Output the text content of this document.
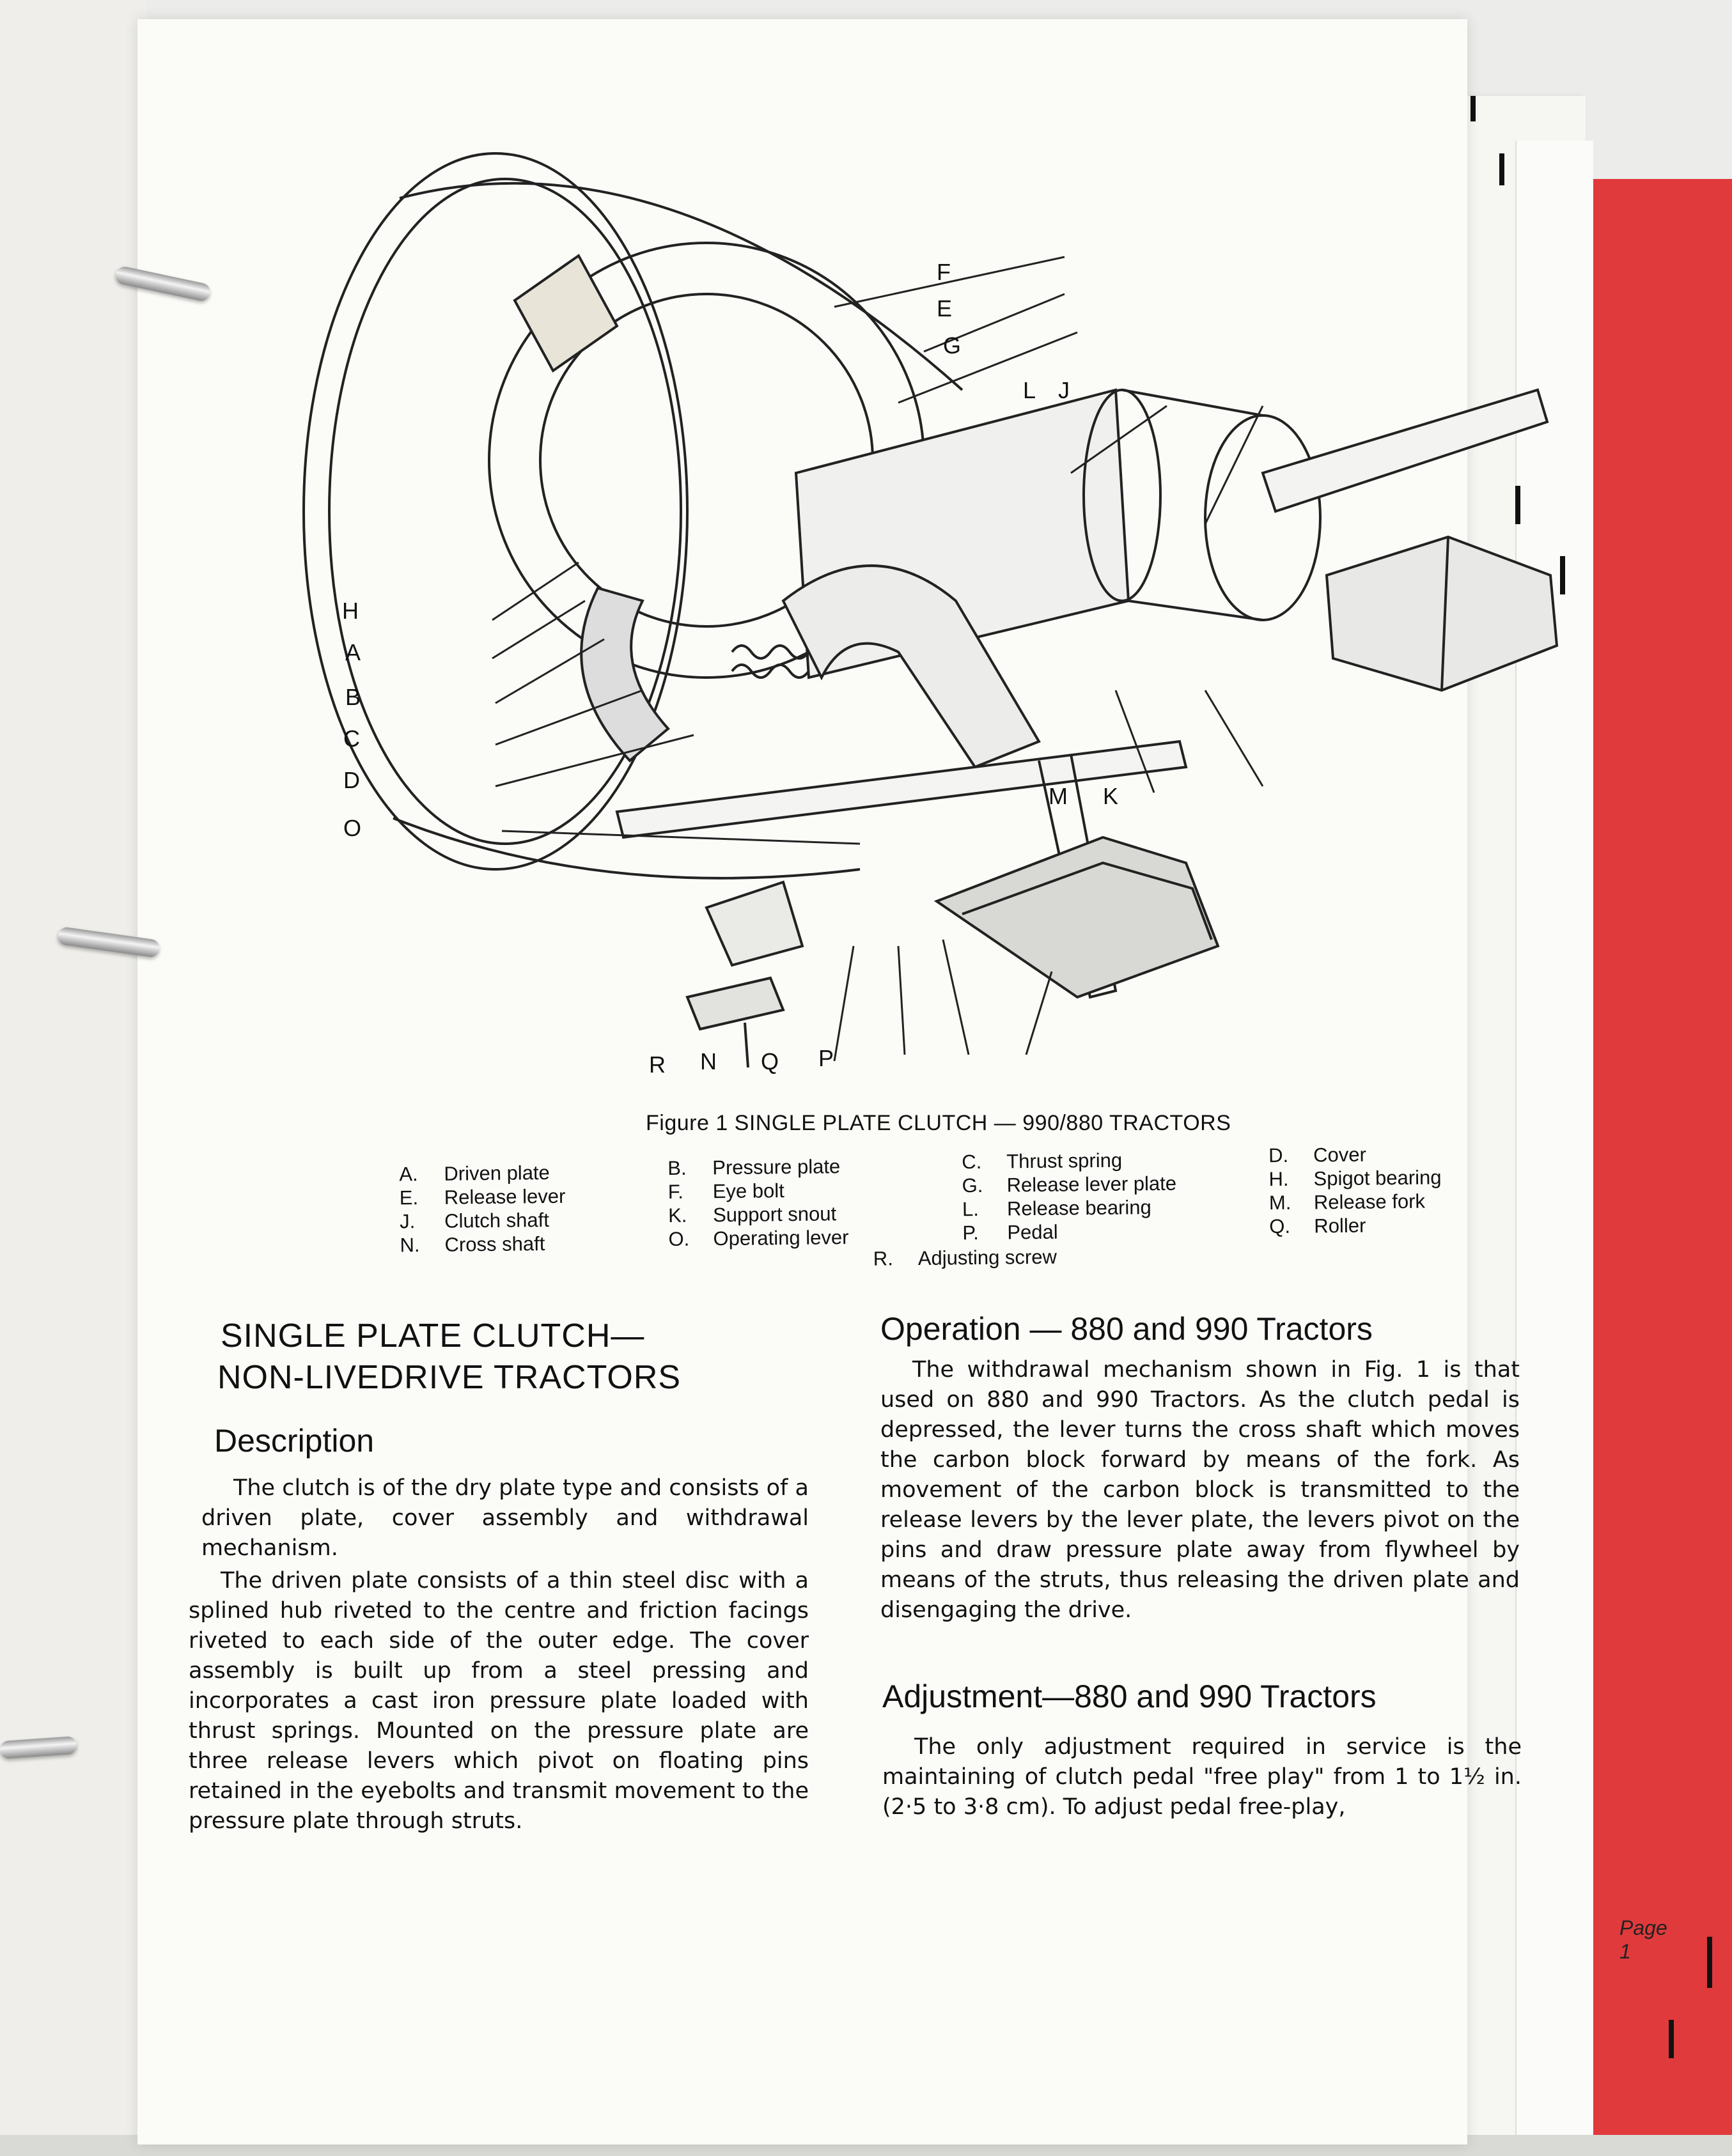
F
E
G
L J
H
A
B
C
D
O
M K
R N Q P
Figure 1 SINGLE PLATE CLUTCH — 990/880 TRACTORS
A. Driven plate
E. Release lever
J. Clutch shaft
N. Cross shaft
B. Pressure plate
F. Eye bolt
K. Support snout
O. Operating lever
C. Thrust spring
G. Release lever plate
L. Release bearing
P. Pedal
D. Cover
H. Spigot bearing
M. Release fork
Q. Roller
R. Adjusting screw
SINGLE PLATE CLUTCH—
NON-LIVEDRIVE TRACTORS
Description
The clutch is of the dry plate type and consists of a driven plate, cover assembly and withdrawal mechanism.
The driven plate consists of a thin steel disc with a splined hub riveted to the centre and friction facings riveted to each side of the outer edge. The cover assembly is built up from a steel pressing and incorporates a cast iron pressure plate loaded with thrust springs. Mounted on the pressure plate are three release levers which pivot on floating pins retained in the eyebolts and transmit movement to the pressure plate through struts.
Operation — 880 and 990 Tractors
The withdrawal mechanism shown in Fig. 1 is that used on 880 and 990 Tractors. As the clutch pedal is depressed, the lever turns the cross shaft which moves the carbon block forward by means of the fork. As movement of the carbon block is transmitted to the release levers by the lever plate, the levers pivot on the pins and draw pressure plate away from flywheel by means of the struts, thus releasing the driven plate and disengaging the drive.
Adjustment—880 and 990 Tractors
The only adjustment required in service is the maintaining of clutch pedal "free play" from 1 to 1½ in. (2·5 to 3·8 cm). To adjust pedal free-play,
Page 1
